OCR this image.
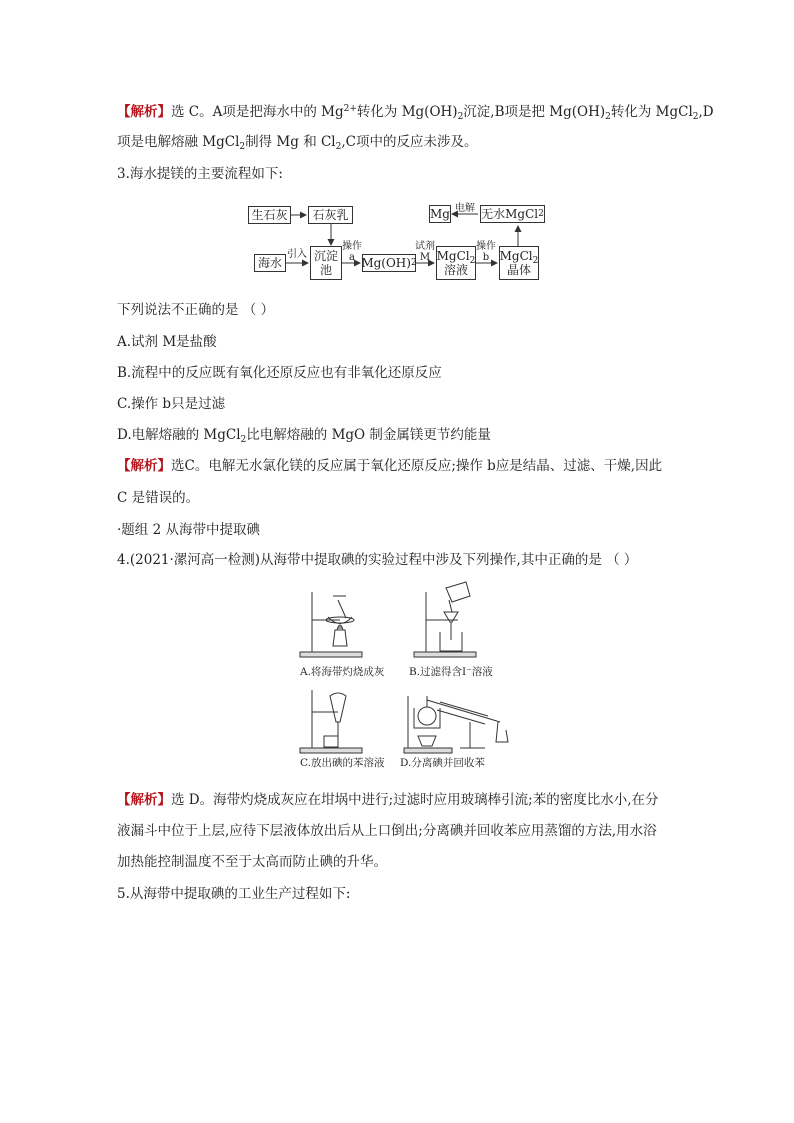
【解析】选 C。A项是把海水中的 $Mg^{2+}$转化为 $Mg(OH)_2$沉淀,B项是把 $Mg(OH)_2$转化为 MgCl$_2$,D
项是电解熔融 MgCl$_2$制得 Mg 和 $Cl_2,C$项中的反应未涉及。
3.海水提镁的主要流程如下:
生石灰	石灰乳
海水	沉淀
池 Mg(OH) 2 MgCl$_2$
溶液
MgCl$_2$
晶体
Mg	无水MgCl 2
引入
操作
a
试剂
M
操作
b
电解
下列说法不正确的是 （ ）
A.试剂 M是盐酸
B.流程中的反应既有氧化还原反应也有非氧化还原反应
C.操作 b只是过滤
D.电解熔融的 MgCl$_2$比电解熔融的 MgO 制金属镁更节约能量
【解析】选C。电解无水氯化镁的反应属于氧化还原反应;操作 b应是结晶、过滤、干燥,因此
C 是错误的。
·题组 2 从海带中提取碘
4.(2021·漯河高一检测)从海带中提取碘的实验过程中涉及下列操作,其中正确的是 （ ）
A.将海带灼烧成灰 B.过滤得含I⁻溶液
C.放出碘的苯溶液 D.分离碘并回收苯
【解析】选 D。海带灼烧成灰应在坩埚中进行;过滤时应用玻璃棒引流;苯的密度比水小,在分
液漏斗中位于上层,应待下层液体放出后从上口倒出;分离碘并回收苯应用蒸馏的方法,用水浴
加热能控制温度不至于太高而防止碘的升华。
5.从海带中提取碘的工业生产过程如下:
